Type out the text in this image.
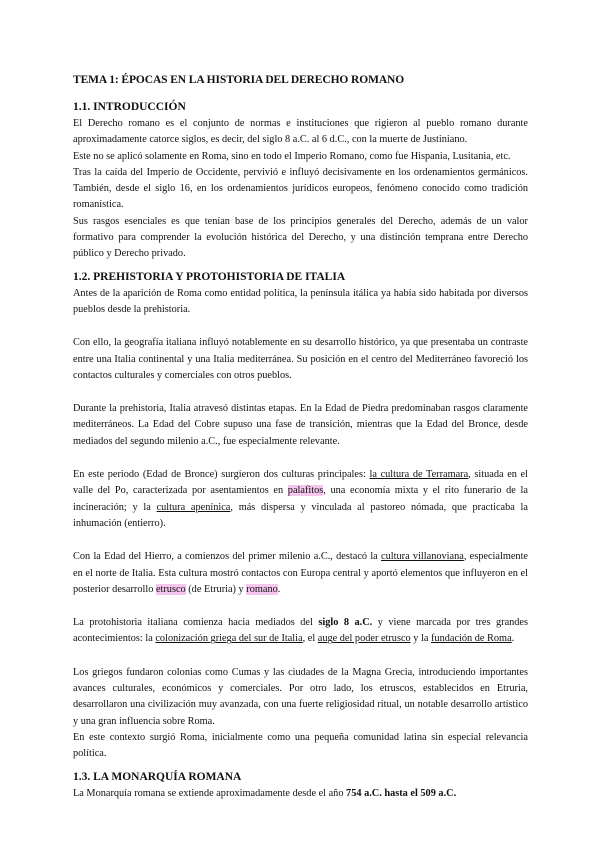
TEMA 1: ÉPOCAS EN LA HISTORIA DEL DERECHO ROMANO
1.1. INTRODUCCIÓN

El Derecho romano es el conjunto de normas e instituciones que rigieron al pueblo romano durante aproximadamente catorce siglos, es decir, del siglo 8 a.C. al 6 d.C., con la muerte de Justiniano.

Este no se aplicó solamente en Roma, sino en todo el Imperio Romano, como fue Hispania, Lusitania, etc.

Tras la caída del Imperio de Occidente, pervivió e influyó decisivamente en los ordenamientos germánicos. También, desde el siglo 16, en los ordenamientos jurídicos europeos, fenómeno conocido como tradición romanística.

Sus rasgos esenciales es que tenían base de los principios generales del Derecho, además de un valor formativo para comprender la evolución histórica del Derecho, y una distinción temprana entre Derecho público y Derecho privado.

1.2. PREHISTORIA Y PROTOHISTORIA DE ITALIA

Antes de la aparición de Roma como entidad política, la península itálica ya había sido habitada por diversos pueblos desde la prehistoria.

Con ello, la geografía italiana influyó notablemente en su desarrollo histórico, ya que presentaba un contraste entre una Italia continental y una Italia mediterránea. Su posición en el centro del Mediterráneo favoreció los contactos culturales y comerciales con otros pueblos.

Durante la prehistoria, Italia atravesó distintas etapas. En la Edad de Piedra predominaban rasgos claramente mediterráneos. La Edad del Cobre supuso una fase de transición, mientras que la Edad del Bronce, desde mediados del segundo milenio a.C., fue especialmente relevante.

En este periodo (Edad de Bronce) surgieron dos culturas principales: la cultura de Terramara, situada en el valle del Po, caracterizada por asentamientos en palafitos, una economía mixta y el rito funerario de la incineración; y la cultura apenínica, más dispersa y vinculada al pastoreo nómada, que practicaba la inhumación (entierro).

Con la Edad del Hierro, a comienzos del primer milenio a.C., destacó la cultura villanoviana, especialmente en el norte de Italia. Esta cultura mostró contactos con Europa central y aportó elementos que influyeron en el posterior desarrollo etrusco (de Etruria) y romano.

La protohistoria italiana comienza hacia mediados del siglo 8 a.C. y viene marcada por tres grandes acontecimientos: la colonización griega del sur de Italia, el auge del poder etrusco y la fundación de Roma.

Los griegos fundaron colonias como Cumas y las ciudades de la Magna Grecia, introduciendo importantes avances culturales, económicos y comerciales. Por otro lado, los etruscos, establecidos en Etruria, desarrollaron una civilización muy avanzada, con una fuerte religiosidad ritual, un notable desarrollo artístico y una gran influencia sobre Roma.

En este contexto surgió Roma, inicialmente como una pequeña comunidad latina sin especial relevancia política.

1.3. LA MONARQUÍA ROMANA

La Monarquía romana se extiende aproximadamente desde el año 754 a.C. hasta el 509 a.C.
